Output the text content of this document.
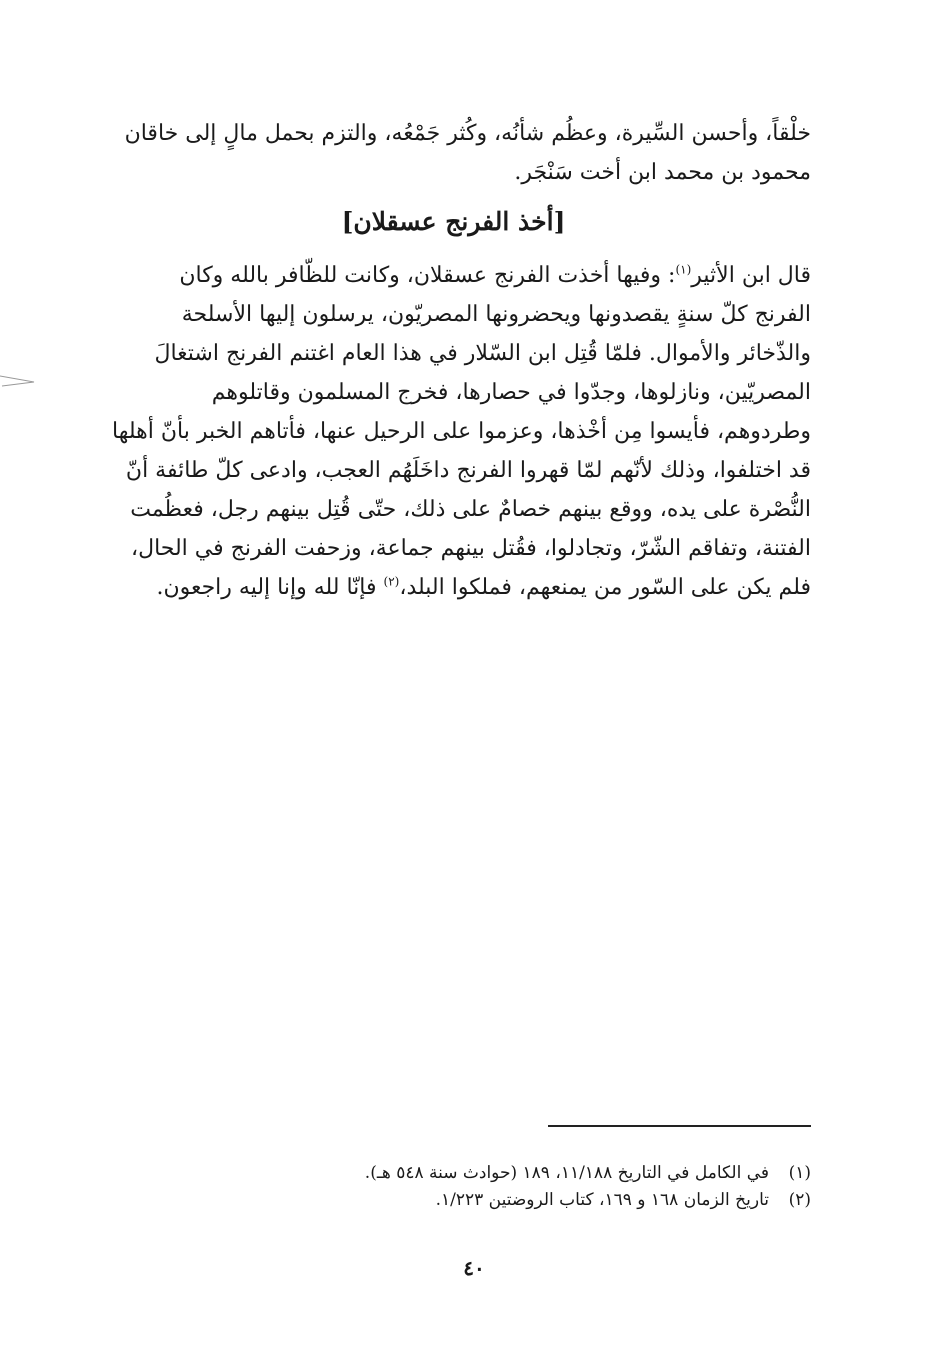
خلْقاً، وأحسن السِّيرة، وعظُم شأنُه، وكُثر جَمْعُه، والتزم بحمل مالٍ إلى خاقان
محمود بن محمد ابن أخت سَنْجَر.
[أخذ الفرنج عسقلان]
قال ابن الأثير$^{(١)}$: وفيها أخذت الفرنج عسقلان، وكانت للظّافر بالله وكان
الفرنج كلّ سنةٍ يقصدونها ويحضرونها المصريّون، يرسلون إليها الأسلحة
والذّخائر والأموال. فلمّا قُتِل ابن السّلار في هذا العام اغتنم الفرنج اشتغالَ
المصريّين، ونازلوها، وجدّوا في حصارها، فخرج المسلمون وقاتلوهم
وطردوهم، فأيسوا مِن أخْذها، وعزموا على الرحيل عنها، فأتاهم الخبر بأنّ أهلها
قد اختلفوا، وذلك لأنّهم لمّا قهروا الفرنج داخَلَهُم العجب، وادعى كلّ طائفة أنّ
النُّصْرة على يده، ووقع بينهم خصامٌ على ذلك، حتّى قُتِل بينهم رجل، فعظُمت
الفتنة، وتفاقم الشّرّ، وتجادلوا، فقُتل بينهم جماعة، وزحفت الفرنج في الحال،
فلم يكن على السّور من يمنعهم، فملكوا البلد،$^{(٢)}$ فإنّا لله وإنا إليه راجعون.
(١)
في الكامل في التاريخ ١١/١٨٨، ١٨٩ (حوادث سنة ٥٤٨ هـ).
(٢)
تاريخ الزمان ١٦٨ و ١٦٩، كتاب الروضتين ١/٢٢٣.
٤٠
